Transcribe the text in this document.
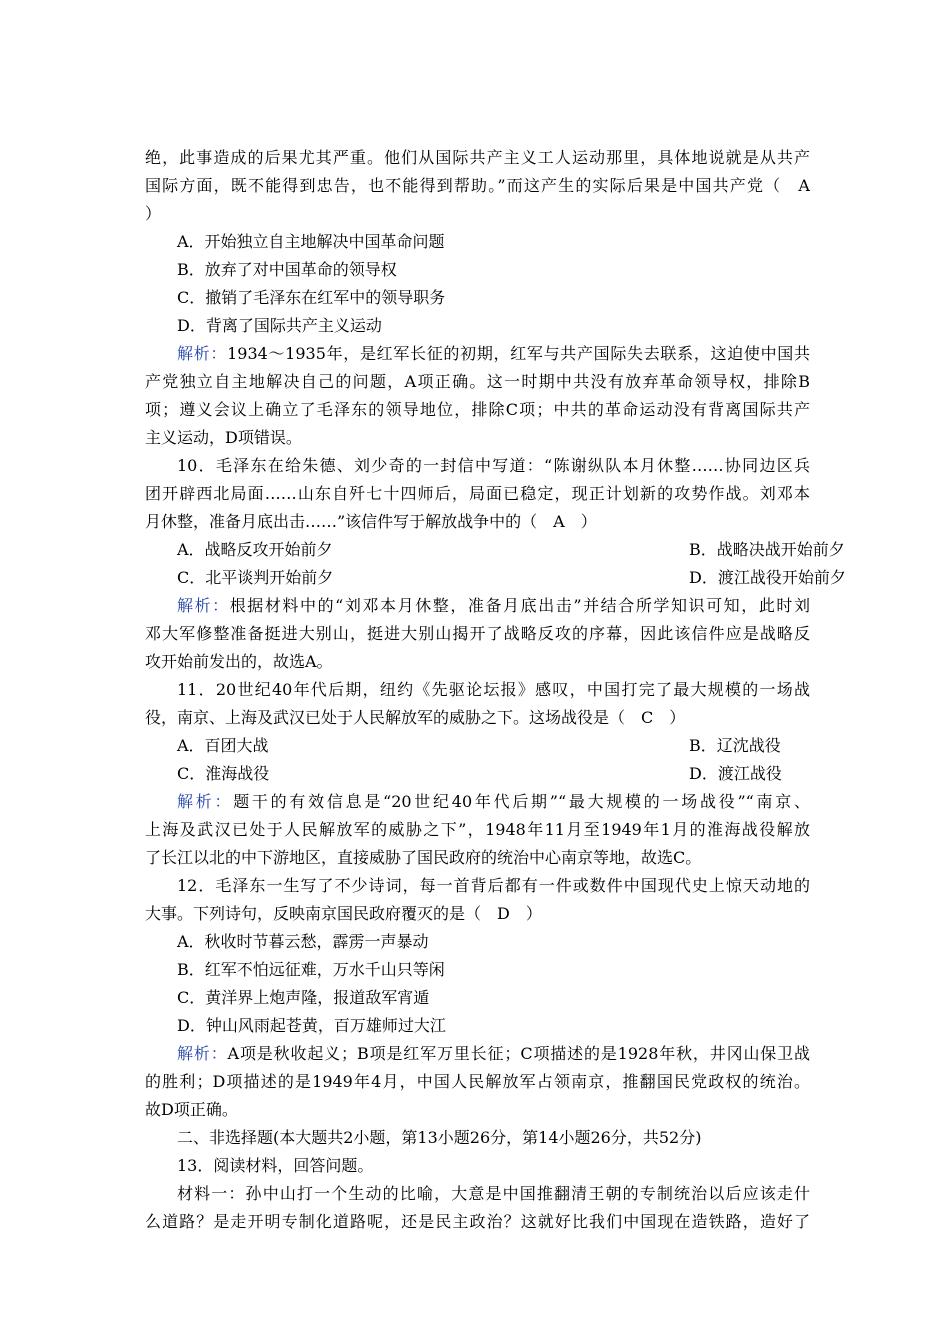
绝，此事造成的后果尤其严重。他们从国际共产主义工人运动那里，具体地说就是从共产
国际方面，既不能得到忠告，也不能得到帮助。”而这产生的实际后果是中国共产党（　A
）
A．开始独立自主地解决中国革命问题
B．放弃了对中国革命的领导权
C．撤销了毛泽东在红军中的领导职务
D．背离了国际共产主义运动
解析：1934～1935年，是红军长征的初期，红军与共产国际失去联系，这迫使中国共
产党独立自主地解决自己的问题，A项正确。这一时期中共没有放弃革命领导权，排除B
项；遵义会议上确立了毛泽东的领导地位，排除C项；中共的革命运动没有背离国际共产
主义运动，D项错误。
10．毛泽东在给朱德、刘少奇的一封信中写道：“陈谢纵队本月休整……协同边区兵
团开辟西北局面……山东自歼七十四师后，局面已稳定，现正计划新的攻势作战。刘邓本
月休整，准备月底出击……”该信件写于解放战争中的（　A　）
A．战略反攻开始前夕	B．战略决战开始前夕
C．北平谈判开始前夕	D．渡江战役开始前夕
解析：根据材料中的“刘邓本月休整，准备月底出击”并结合所学知识可知，此时刘
邓大军修整准备挺进大别山，挺进大别山揭开了战略反攻的序幕，因此该信件应是战略反
攻开始前发出的，故选A。
11．20世纪40年代后期，纽约《先驱论坛报》感叹，中国打完了最大规模的一场战
役，南京、上海及武汉已处于人民解放军的威胁之下。这场战役是（　C　）
A．百团大战	B．辽沈战役
C．淮海战役	D．渡江战役
解析：题干的有效信息是“20世纪40年代后期”“最大规模的一场战役”“南京、
上海及武汉已处于人民解放军的威胁之下”，1948年11月至1949年1月的淮海战役解放
了长江以北的中下游地区，直接威胁了国民政府的统治中心南京等地，故选C。
12．毛泽东一生写了不少诗词，每一首背后都有一件或数件中国现代史上惊天动地的
大事。下列诗句，反映南京国民政府覆灭的是（　D　）
A．秋收时节暮云愁，霹雳一声暴动
B．红军不怕远征难，万水千山只等闲
C．黄洋界上炮声隆，报道敌军宵遁
D．钟山风雨起苍黄，百万雄师过大江
解析：A项是秋收起义；B项是红军万里长征；C项描述的是1928年秋，井冈山保卫战
的胜利；D项描述的是1949年4月，中国人民解放军占领南京，推翻国民党政权的统治。
故D项正确。
二、非选择题(本大题共2小题，第13小题26分，第14小题26分，共52分)
13．阅读材料，回答问题。
材料一：孙中山打一个生动的比喻，大意是中国推翻清王朝的专制统治以后应该走什
么道路？是走开明专制化道路呢，还是民主政治？这就好比我们中国现在造铁路，造好了
